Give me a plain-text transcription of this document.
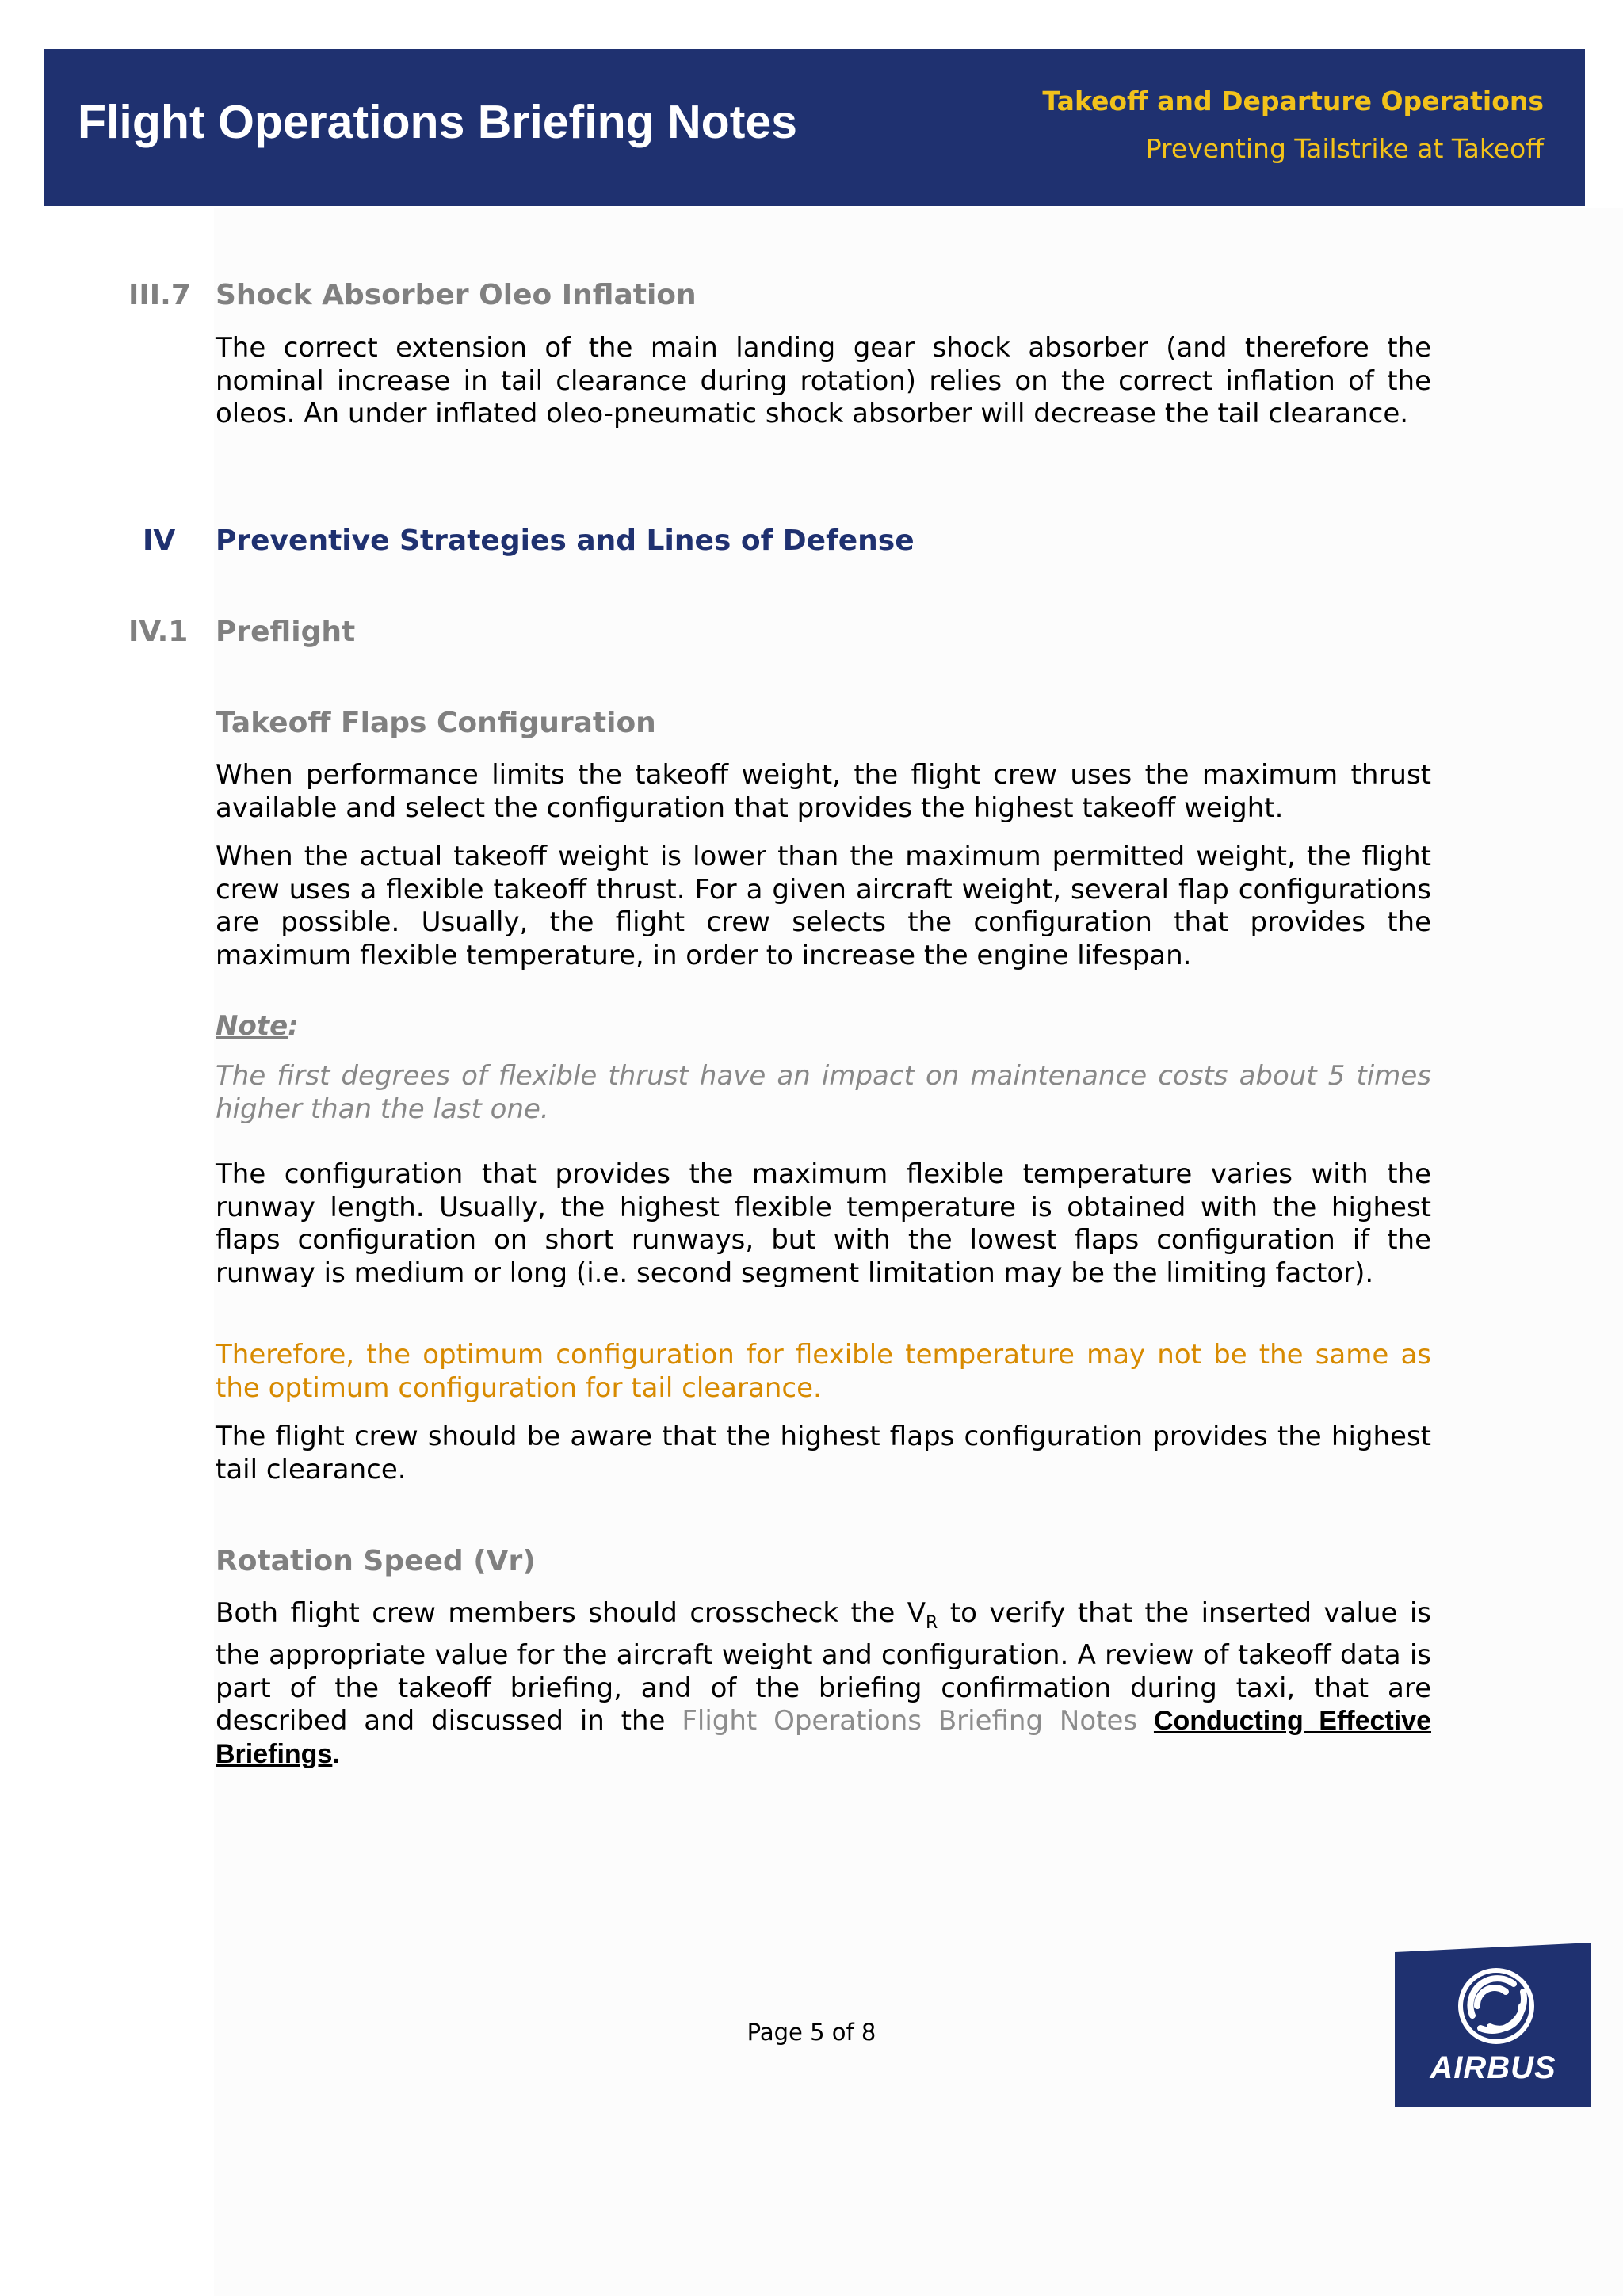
Flight Operations Briefing Notes	Takeoff and Departure Operations
Preventing Tailstrike at Takeoff
III.7 Shock Absorber Oleo Inflation

The correct extension of the main landing gear shock absorber (and therefore the nominal increase in tail clearance during rotation) relies on the correct inflation of the oleos. An under inflated oleo-pneumatic shock absorber will decrease the tail clearance.

IV Preventive Strategies and Lines of Defense
IV.1 Preflight
Takeoff Flaps Configuration

When performance limits the takeoff weight, the flight crew uses the maximum thrust available and select the configuration that provides the highest takeoff weight.

When the actual takeoff weight is lower than the maximum permitted weight, the flight crew uses a flexible takeoff thrust. For a given aircraft weight, several flap configurations are possible. Usually, the flight crew selects the configuration that provides the maximum flexible temperature, in order to increase the engine lifespan.

Note:

The first degrees of flexible thrust have an impact on maintenance costs about 5 times higher than the last one.

The configuration that provides the maximum flexible temperature varies with the runway length. Usually, the highest flexible temperature is obtained with the highest flaps configuration on short runways, but with the lowest flaps configuration if the runway is medium or long (i.e. second segment limitation may be the limiting factor).

Therefore, the optimum configuration for flexible temperature may not be the same as the optimum configuration for tail clearance.

The flight crew should be aware that the highest flaps configuration provides the highest tail clearance.

Rotation Speed (Vr)

Both flight crew members should crosscheck the $V_R$ to verify that the inserted value is the appropriate value for the aircraft weight and configuration. A review of takeoff data is part of the takeoff briefing, and of the briefing confirmation during taxi, that are described and discussed in the Flight Operations Briefing Notes Conducting Effective Briefings.

Page 5 of 8
AIRBUS
